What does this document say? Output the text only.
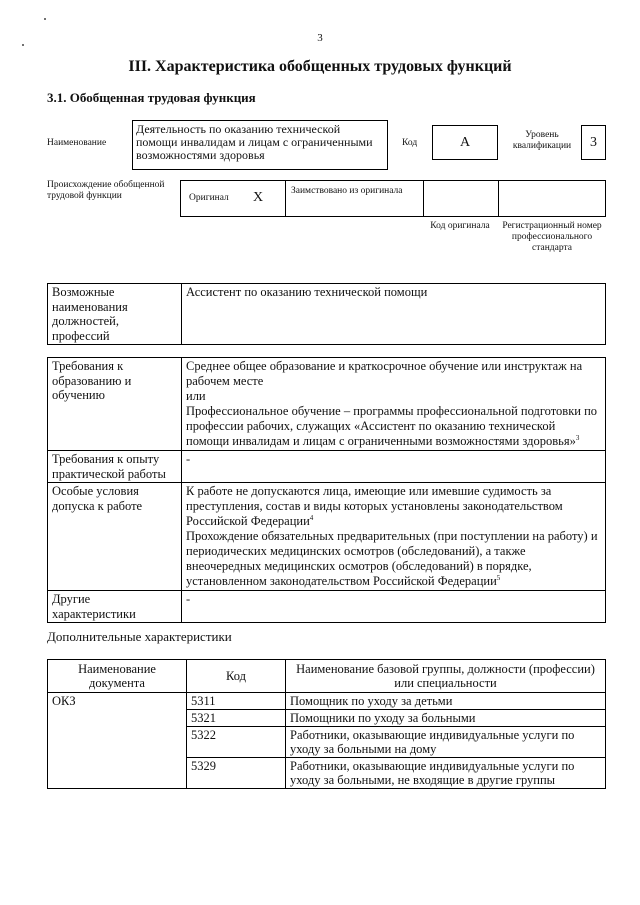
3
III. Характеристика обобщенных трудовых функций
3.1. Обобщенная трудовая функция
Наименование
Деятельность по оказанию технической помощи инвалидам и лицам с ограниченными возможностями здоровья
Код	A	Уровень квалификации	3
Происхождение обобщенной трудовой функции	Оригинал X	Заимствовано из оригинала
Код оригинала	Регистрационный номер профессионального стандарта
Возможные наименования должностей, профессий	Ассистент по оказанию технической помощи
Требования к образованию и обучению	Среднее общее образование и краткосрочное обучение или инструктаж на рабочем месте
или
Профессиональное обучение – программы профессиональной подготовки по профессии рабочих, служащих «Ассистент по оказанию технической помощи инвалидам и лицам с ограниченными возможностями здоровья»$^3$

Требования к опыту практической работы	-
Особые условия допуска к работе	К работе не допускаются лица, имеющие или имевшие судимость за преступления, состав и виды которых установлены законодательством Российской Федерации$^4$
Прохождение обязательных предварительных (при поступлении на работу) и периодических медицинских осмотров (обследований), а также внеочередных медицинских осмотров (обследований) в порядке, установленном законодательством Российской Федерации$^5$

Другие характеристики	-
Дополнительные характеристики
Наименование документа	Код	Наименование базовой группы, должности (профессии) или специальности
ОКЗ	5311	Помощник по уходу за детьми
	5321	Помощники по уходу за больными
	5322	Работники, оказывающие индивидуальные услуги по уходу за больными на дому
	5329	Работники, оказывающие индивидуальные услуги по уходу за больными, не входящие в другие группы
